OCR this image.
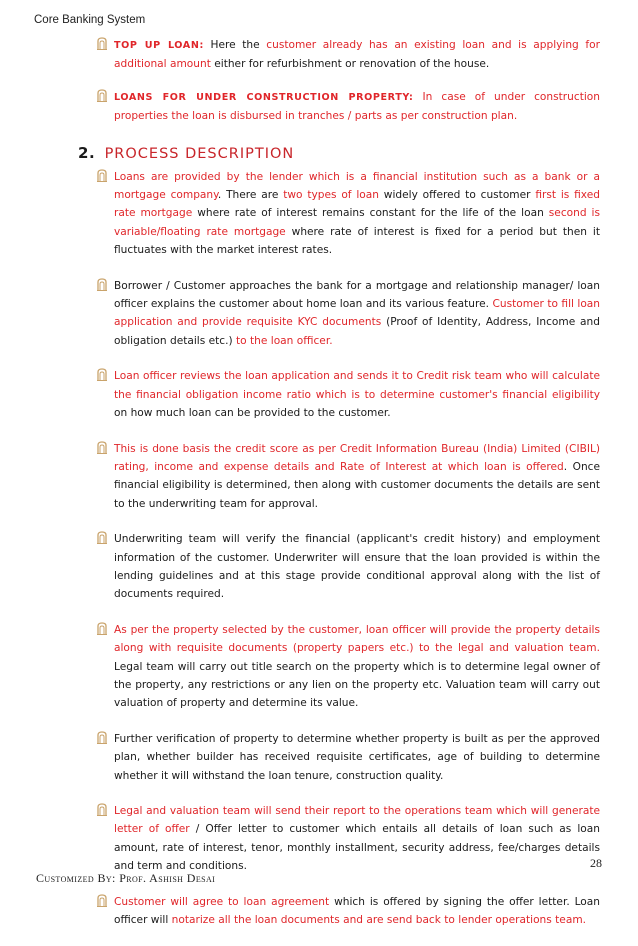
Core Banking System
TOP UP LOAN: Here the customer already has an existing loan and is applying for additional amount either for refurbishment or renovation of the house.
LOANS FOR UNDER CONSTRUCTION PROPERTY: In case of under construction properties the loan is disbursed in tranches / parts as per construction plan.
2. PROCESS DESCRIPTION
Loans are provided by the lender which is a financial institution such as a bank or a mortgage company. There are two types of loan widely offered to customer first is fixed rate mortgage where rate of interest remains constant for the life of the loan second is variable/floating rate mortgage where rate of interest is fixed for a period but then it fluctuates with the market interest rates.
Borrower / Customer approaches the bank for a mortgage and relationship manager/ loan officer explains the customer about home loan and its various feature. Customer to fill loan application and provide requisite KYC documents (Proof of Identity, Address, Income and obligation details etc.) to the loan officer.
Loan officer reviews the loan application and sends it to Credit risk team who will calculate the financial obligation income ratio which is to determine customer's financial eligibility on how much loan can be provided to the customer.
This is done basis the credit score as per Credit Information Bureau (India) Limited (CIBIL) rating, income and expense details and Rate of Interest at which loan is offered. Once financial eligibility is determined, then along with customer documents the details are sent to the underwriting team for approval.
Underwriting team will verify the financial (applicant's credit history) and employment information of the customer. Underwriter will ensure that the loan provided is within the lending guidelines and at this stage provide conditional approval along with the list of documents required.
As per the property selected by the customer, loan officer will provide the property details along with requisite documents (property papers etc.) to the legal and valuation team. Legal team will carry out title search on the property which is to determine legal owner of the property, any restrictions or any lien on the property etc. Valuation team will carry out valuation of property and determine its value.
Further verification of property to determine whether property is built as per the approved plan, whether builder has received requisite certificates, age of building to determine whether it will withstand the loan tenure, construction quality.
Legal and valuation team will send their report to the operations team which will generate letter of offer / Offer letter to customer which entails all details of loan such as loan amount, rate of interest, tenor, monthly installment, security address, fee/charges details and term and conditions.
Customer will agree to loan agreement which is offered by signing the offer letter. Loan officer will notarize all the loan documents and are send back to lender operations team.
28
Customized By: Prof. Ashish Desai
